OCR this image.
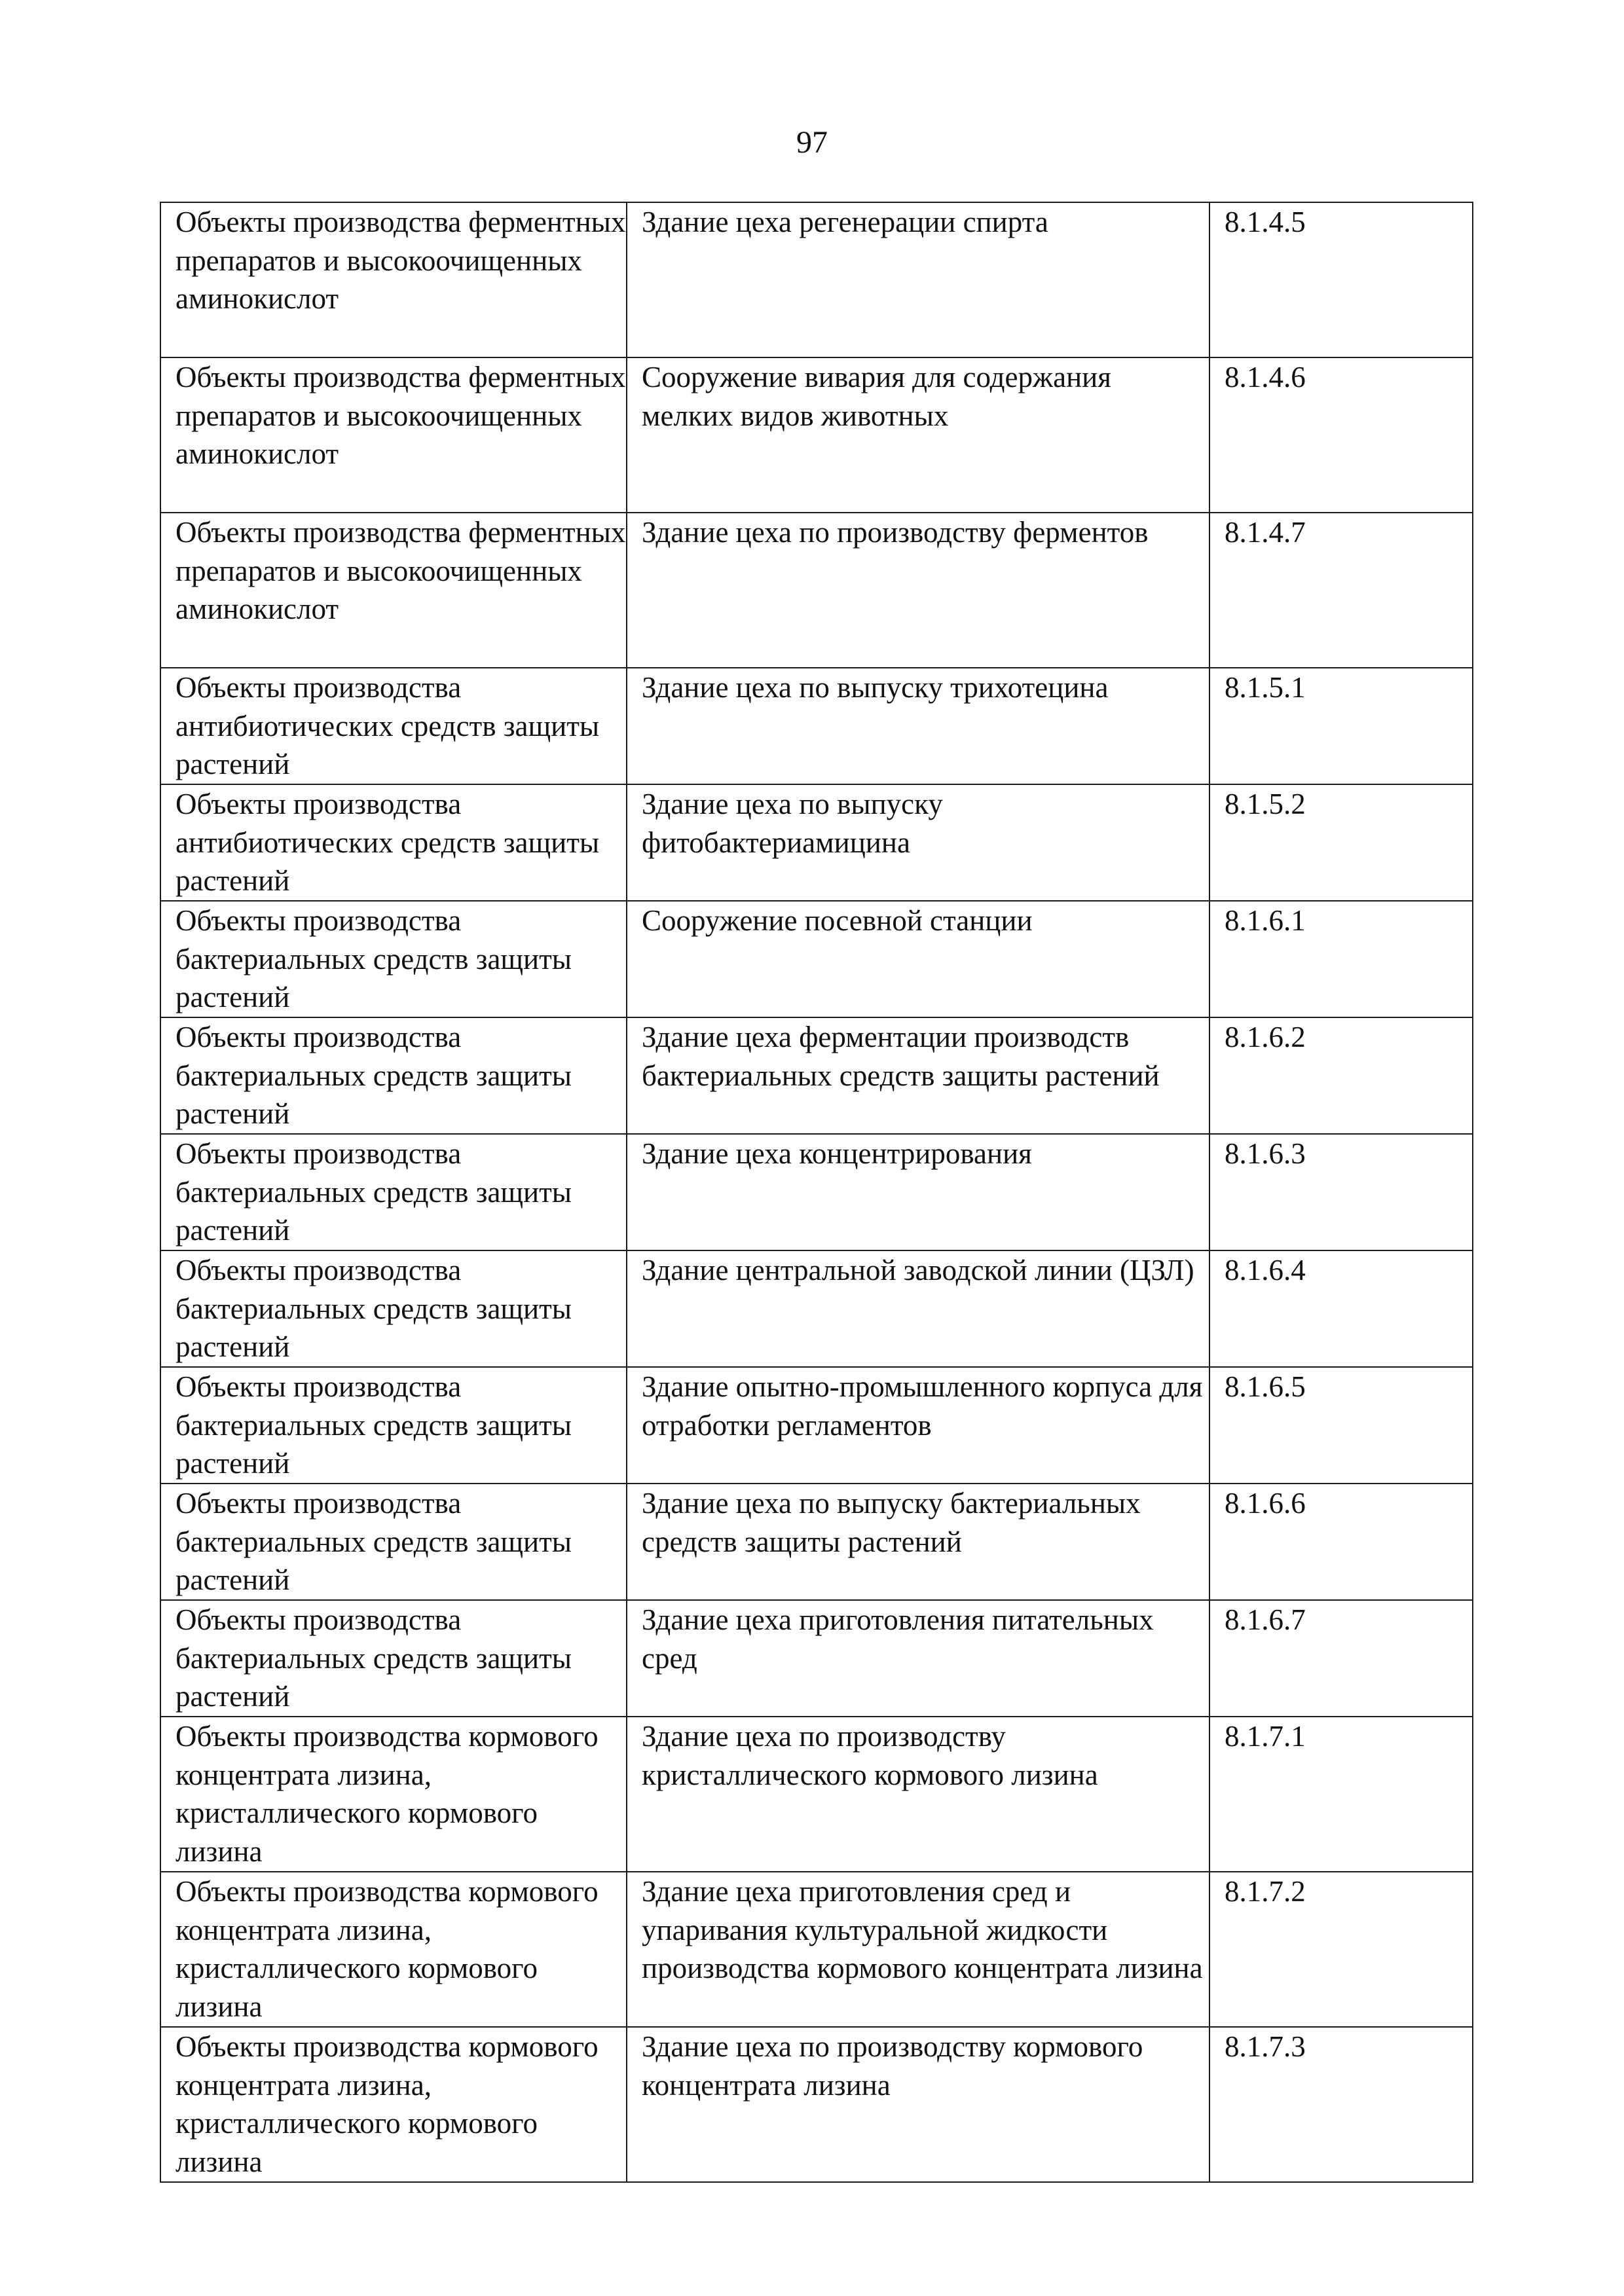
97
Объекты производства ферментных препаратов и высокоочищенных аминокислот	Здание цеха регенерации спирта	8.1.4.5

Объекты производства ферментных препаратов и высокоочищенных аминокислот	Сооружение вивария для содержания мелких видов животных	8.1.4.6

Объекты производства ферментных препаратов и высокоочищенных аминокислот	Здание цеха по производству ферментов	8.1.4.7

Объекты производства антибиотических средств защиты растений	Здание цеха по выпуску трихотецина	8.1.5.1

Объекты производства антибиотических средств защиты растений	Здание цеха по выпуску фитобактериамицина	8.1.5.2

Объекты производства бактериальных средств защиты растений	Сооружение посевной станции	8.1.6.1

Объекты производства бактериальных средств защиты растений	Здание цеха ферментации производств бактериальных средств защиты растений	8.1.6.2

Объекты производства бактериальных средств защиты растений	Здание цеха концентрирования	8.1.6.3

Объекты производства бактериальных средств защиты растений	Здание центральной заводской линии (ЦЗЛ)	8.1.6.4

Объекты производства бактериальных средств защиты растений	Здание опытно-промышленного корпуса для отработки регламентов	8.1.6.5

Объекты производства бактериальных средств защиты растений	Здание цеха по выпуску бактериальных средств защиты растений	8.1.6.6

Объекты производства бактериальных средств защиты растений	Здание цеха приготовления питательных сред	8.1.6.7

Объекты производства кормового концентрата лизина, кристаллического кормового лизина	Здание цеха по производству кристаллического кормового лизина	8.1.7.1

Объекты производства кормового концентрата лизина, кристаллического кормового лизина	Здание цеха приготовления сред и упаривания культуральной жидкости производства кормового концентрата лизина	8.1.7.2

Объекты производства кормового концентрата лизина, кристаллического кормового лизина	Здание цеха по производству кормового концентрата лизина	8.1.7.3
